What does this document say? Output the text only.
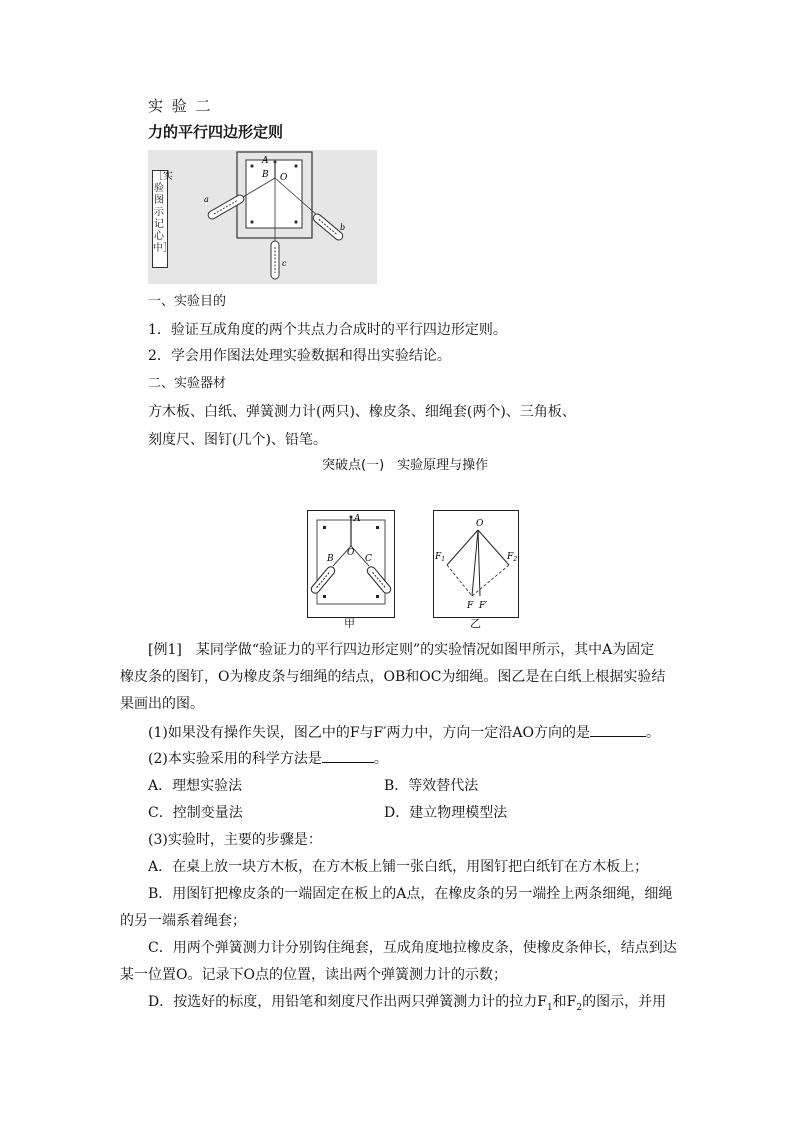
实 验 二
力的平行四边形定则
［实验图示记心中］
A
B O
a
b
c
一、实验目的
1．验证互成角度的两个共点力合成时的平行四边形定则。
2．学会用作图法处理实验数据和得出实验结论。
二、实验器材
方木板、白纸、弹簧测力计(两只)、橡皮条、细绳套(两个)、三角板、
刻度尺、图钉(几个)、铅笔。
突破点(一)　实验原理与操作
A
B	C
O
甲
O
$F_1$	$F_2$
F F′
乙
[例1]　某同学做“验证力的平行四边形定则”的实验情况如图甲所示，其中A为固定
橡皮条的图钉，O为橡皮条与细绳的结点，OB和OC为细绳。图乙是在白纸上根据实验结
果画出的图。
(1)如果没有操作失误，图乙中的F与F′两力中，方向一定沿AO方向的是	。
(2)本实验采用的科学方法是	。
A．理想实验法	B．等效替代法
C．控制变量法	D．建立物理模型法
(3)实验时，主要的步骤是：
A．在桌上放一块方木板，在方木板上铺一张白纸，用图钉把白纸钉在方木板上；
B．用图钉把橡皮条的一端固定在板上的A点，在橡皮条的另一端拴上两条细绳，细绳
的另一端系着绳套；
C．用两个弹簧测力计分别钩住绳套，互成角度地拉橡皮条，使橡皮条伸长，结点到达
某一位置O。记录下O点的位置，读出两个弹簧测力计的示数；
D．按选好的标度，用铅笔和刻度尺作出两只弹簧测力计的拉力$F_1$和$F_2$的图示，并用
